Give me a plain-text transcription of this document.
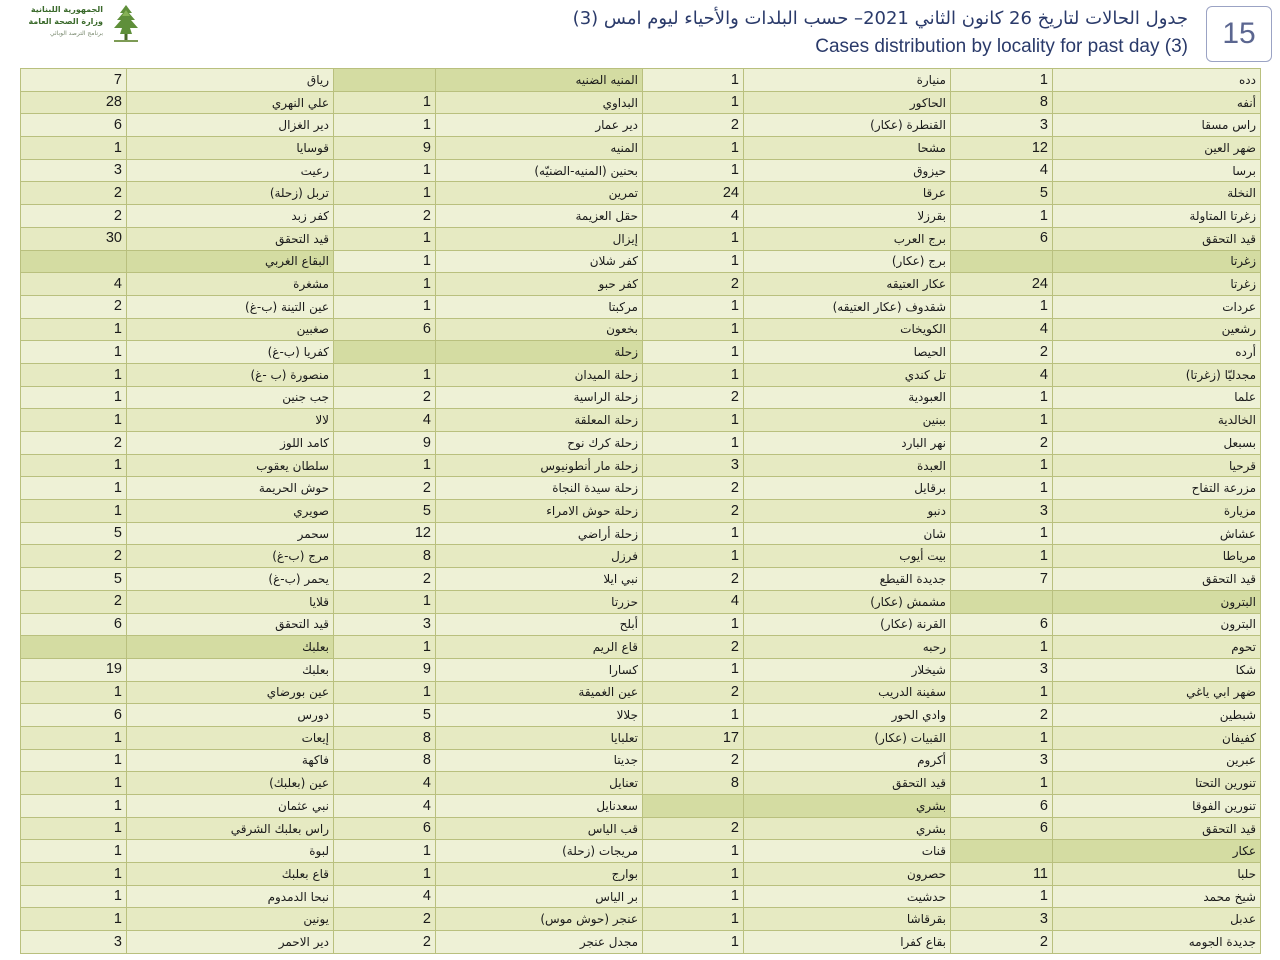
الجمهورية اللبنانية
وزارة الصحة العامة
برنامج الترصد الوبائي
جدول الحالات لتاريخ 26 كانون الثاني 2021– حسب البلدات والأحياء ليوم امس (3)
Cases distribution by locality for past day (3)	15
7	رياق		المنيه الضنيه	1	منيارة	1	دده
28	علي النهري	1	البداوي	1	الحاكور	8	أنفه
6	دير الغزال	1	دير عمار	2	القنطرة (عكار)	3	راس مسقا
1	قوسايا	9	المنيه	1	مشحا	12	ضهر العين
3	رعيت	1	بحنين (المنيه-الضنيّه)	1	حيزوق	4	برسا
2	تربل (زحلة)	1	تمرين	24	عرقا	5	النخلة
2	كفر زبد	2	حقل العزيمة	4	بقرزلا	1	زغرتا المتاولة
30	قيد التحقق	1	إيزال	1	برج العرب	6	قيد التحقق
	البقاع الغربي	1	كفر شلان	1	برج (عكار)		زغرتا
4	مشغرة	1	كفر حبو	2	عكار العتيقه	24	زغرتا
2	عين التينة (ب-غ)	1	مركبتا	1	شقدوف (عكار العتيقه)	1	عردات
1	صغبين	6	بخعون	1	الكويخات	4	رشعين
1	كفريا (ب-غ)		زحلة	1	الحيصا	2	أرده
1	منصورة (ب -غ)	1	زحلة الميدان	1	تل كندي	4	مجدليّا (زغرتا)
1	جب جنين	2	زحلة الراسية	2	العبودية	1	علما
1	لالا	4	زحلة المعلقة	1	ببنين	1	الخالدية
2	كامد اللوز	9	زحلة كرك نوح	1	نهر البارد	2	بسبعل
1	سلطان يعقوب	1	زحلة مار أنطونيوس	3	العبدة	1	قرحيا
1	حوش الحريمة	2	زحلة سيدة النجاة	2	برقايل	1	مزرعة التفاح
1	صويري	5	زحلة حوش الامراء	2	دنبو	3	مزيارة
5	سحمر	12	زحلة أراضي	1	شان	1	عشاش
2	مرج (ب-غ)	8	فرزل	1	بيت أيوب	1	مرياطا
5	يحمر (ب-غ)	2	نبي ايلا	2	جديدة القيطع	7	قيد التحقق
2	قلايا	1	حزرتا	4	مشمش (عكار)		البترون
6	قيد التحقق	3	أبلح	1	القرنة (عكار)	6	البترون
	بعلبك	1	قاع الريم	2	رحبه	1	تحوم
19	بعلبك	9	كسارا	1	شيخلار	3	شكا
1	عين بورضاي	1	عين الغميقة	2	سفينة الدريب	1	ضهر ابي ياغي
6	دورس	5	جلالا	1	وادي الحور	2	شبطين
1	إيعات	8	تعلبايا	17	القبيات (عكار)	1	كفيفان
1	فاكهة	8	جديتا	2	أكروم	3	عبرين
1	عين (بعلبك)	4	تعنايل	8	قيد التحقق	1	تنورين التحتا
1	نبي عثمان	4	سعدنايل		بشري	6	تنورين الفوقا
1	راس بعلبك الشرقي	6	قب الياس	2	بشري	6	قيد التحقق
1	لبوة	1	مريجات (زحلة)	1	قنات		عكار
1	قاع بعلبك	1	بوارج	1	حصرون	11	حلبا
1	نبحا الدمدوم	4	بر الياس	1	حدشيت	1	شيخ محمد
1	يونين	2	عنجر (حوش موس)	1	بقرقاشا	3	عدبل
3	دير الاحمر	2	مجدل عنجر	1	بقاع كفرا	2	جديدة الجومه
